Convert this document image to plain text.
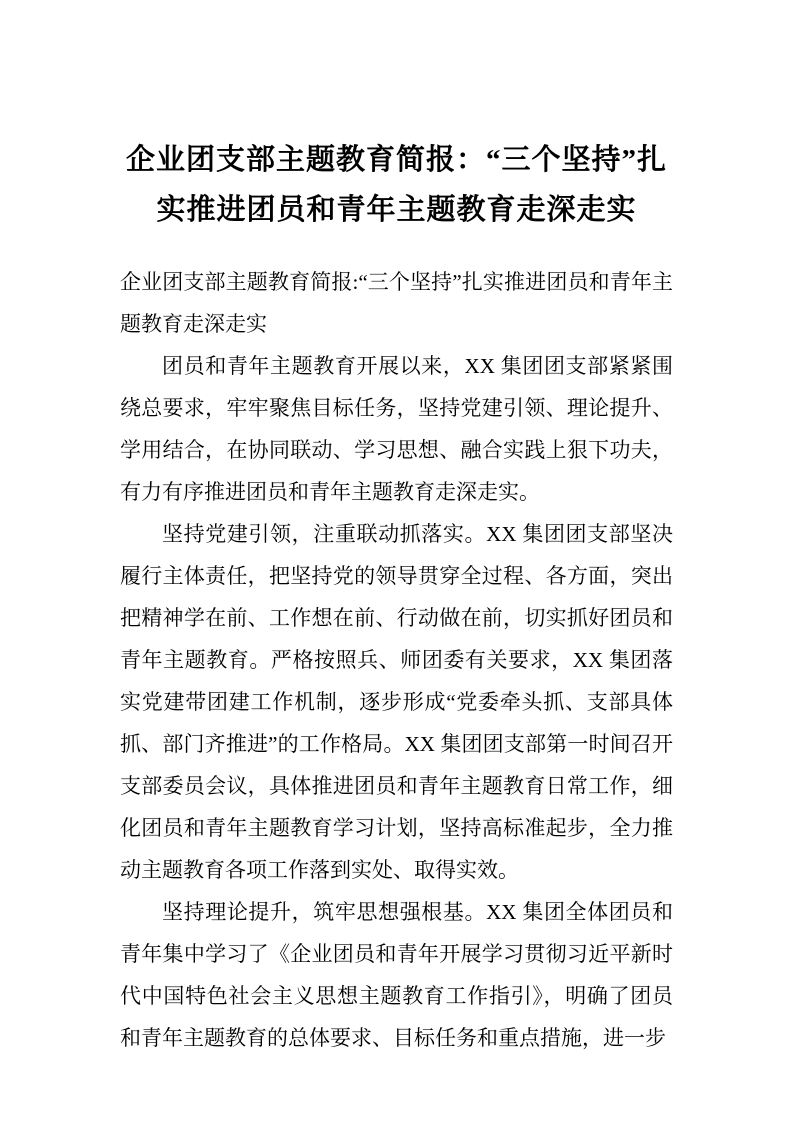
企业团支部主题教育简报：“三个坚持”扎
实推进团员和青年主题教育走深走实

企业团支部主题教育简报:“三个坚持”扎实推进团员和青年主题教育走深走实

团员和青年主题教育开展以来，XX 集团团支部紧紧围绕总要求，牢牢聚焦目标任务，坚持党建引领、理论提升、学用结合，在协同联动、学习思想、融合实践上狠下功夫，有力有序推进团员和青年主题教育走深走实。

坚持党建引领，注重联动抓落实。XX 集团团支部坚决履行主体责任，把坚持党的领导贯穿全过程、各方面，突出把精神学在前、工作想在前、行动做在前，切实抓好团员和青年主题教育。严格按照兵、师团委有关要求，XX 集团落实党建带团建工作机制，逐步形成“党委牵头抓、支部具体抓、部门齐推进”的工作格局。XX 集团团支部第一时间召开支部委员会议，具体推进团员和青年主题教育日常工作，细化团员和青年主题教育学习计划，坚持高标准起步，全力推动主题教育各项工作落到实处、取得实效。

坚持理论提升，筑牢思想强根基。XX 集团全体团员和青年集中学习了《企业团员和青年开展学习贯彻习近平新时代中国特色社会主义思想主题教育工作指引》，明确了团员和青年主题教育的总体要求、目标任务和重点措施，进一步
